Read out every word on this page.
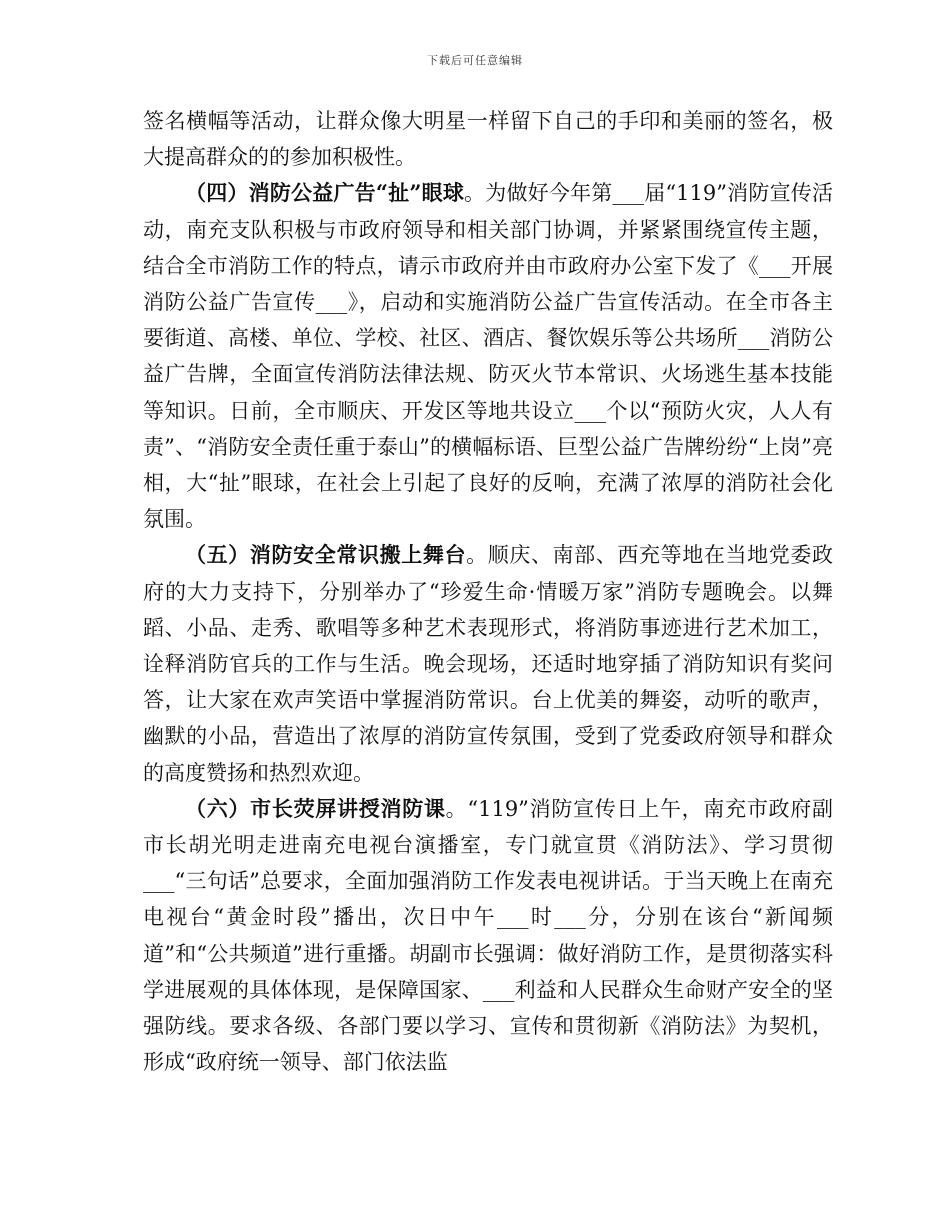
下载后可任意编辑

签名横幅等活动，让群众像大明星一样留下自己的手印和美丽的签名，极大提高群众的的参加积极性。

（四）消防公益广告“扯”眼球。为做好今年第___届“119”消防宣传活动，南充支队积极与市政府领导和相关部门协调，并紧紧围绕宣传主题，结合全市消防工作的特点，请示市政府并由市政府办公室下发了《___开展消防公益广告宣传___》，启动和实施消防公益广告宣传活动。在全市各主要街道、高楼、单位、学校、社区、酒店、餐饮娱乐等公共场所___消防公益广告牌，全面宣传消防法律法规、防灭火节本常识、火场逃生基本技能等知识。日前，全市顺庆、开发区等地共设立___个以“预防火灾，人人有责”、“消防安全责任重于泰山”的横幅标语、巨型公益广告牌纷纷“上岗”亮相，大“扯”眼球，在社会上引起了良好的反响，充满了浓厚的消防社会化氛围。

（五）消防安全常识搬上舞台。顺庆、南部、西充等地在当地党委政府的大力支持下，分别举办了“珍爱生命·情暖万家”消防专题晚会。以舞蹈、小品、走秀、歌唱等多种艺术表现形式，将消防事迹进行艺术加工，诠释消防官兵的工作与生活。晚会现场，还适时地穿插了消防知识有奖问答，让大家在欢声笑语中掌握消防常识。台上优美的舞姿，动听的歌声，幽默的小品，营造出了浓厚的消防宣传氛围，受到了党委政府领导和群众的高度赞扬和热烈欢迎。

（六）市长荧屏讲授消防课。“119”消防宣传日上午，南充市政府副市长胡光明走进南充电视台演播室，专门就宣贯《消防法》、学习贯彻___“三句话”总要求，全面加强消防工作发表电视讲话。于当天晚上在南充电视台“黄金时段”播出，次日中午___时___分，分别在该台“新闻频道”和“公共频道”进行重播。胡副市长强调：做好消防工作，是贯彻落实科学进展观的具体体现，是保障国家、___利益和人民群众生命财产安全的坚强防线。要求各级、各部门要以学习、宣传和贯彻新《消防法》为契机，形成“政府统一领导、部门依法监
